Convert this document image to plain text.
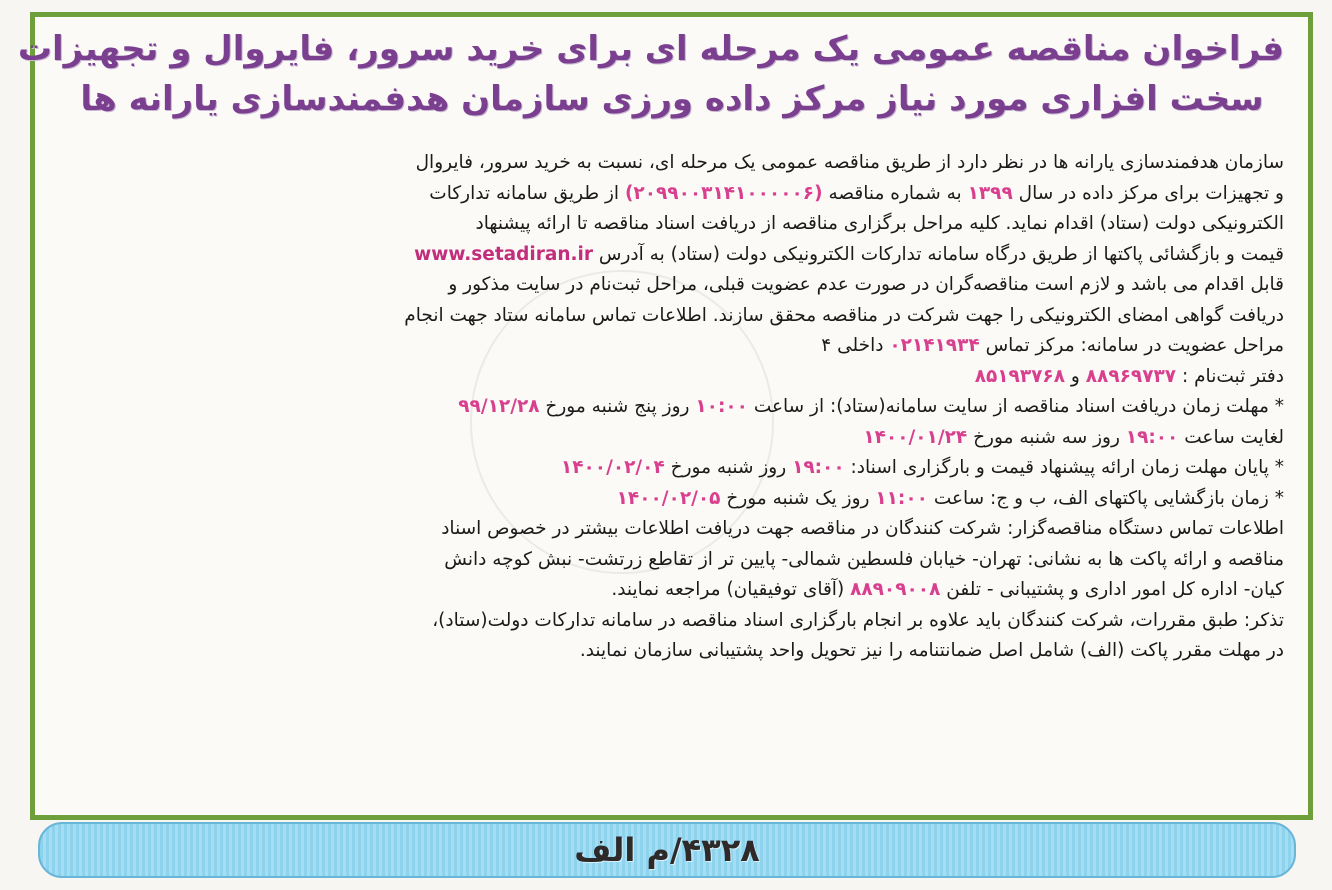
فراخوان مناقصه عمومی یک مرحله ای برای خرید سرور، فایروال و تجهیزات
سخت افزاری مورد نیاز مرکز داده ورزی سازمان هدفمندسازی یارانه ها

سازمان هدفمندسازی یارانه ها در نظر دارد از طریق مناقصه عمومی یک مرحله ای، نسبت به خرید سرور، فایروال

و تجهیزات برای مرکز داده در سال ۱۳۹۹ به شماره مناقصه (۲۰۹۹۰۰۳۱۴۱۰۰۰۰۰۶) از طریق سامانه تدارکات

الکترونیکی دولت (ستاد) اقدام نماید. کلیه مراحل برگزاری مناقصه از دریافت اسناد مناقصه تا ارائه پیشنهاد

قیمت و بازگشائی پاکتها از طریق درگاه سامانه تدارکات الکترونیکی دولت (ستاد) به آدرس www.setadiran.ir

قابل اقدام می باشد و لازم است مناقصه‌گران در صورت عدم عضویت قبلی، مراحل ثبت‌نام در سایت مذکور و

دریافت گواهی امضای الکترونیکی را جهت شرکت در مناقصه محقق سازند. اطلاعات تماس سامانه ستاد جهت انجام

مراحل عضویت در سامانه: مرکز تماس ۰۲۱۴۱۹۳۴ داخلی ۴

دفتر ثبت‌نام : ۸۸۹۶۹۷۳۷ و ۸۵۱۹۳۷۶۸

* مهلت زمان دریافت اسناد مناقصه از سایت سامانه(ستاد): از ساعت ۱۰:۰۰ روز پنج شنبه مورخ ۹۹/۱۲/۲۸

لغایت ساعت ۱۹:۰۰ روز سه شنبه مورخ ۱۴۰۰/۰۱/۲۴

* پایان مهلت زمان ارائه پیشنهاد قیمت و بارگزاری اسناد: ۱۹:۰۰ روز شنبه مورخ ۱۴۰۰/۰۲/۰۴

* زمان بازگشایی پاکتهای الف، ب و ج: ساعت ۱۱:۰۰ روز یک شنبه مورخ ۱۴۰۰/۰۲/۰۵

اطلاعات تماس دستگاه مناقصه‌گزار: شرکت کنندگان در مناقصه جهت دریافت اطلاعات بیشتر در خصوص اسناد

مناقصه و ارائه پاکت ها به نشانی: تهران- خیابان فلسطین شمالی- پایین تر از تقاطع زرتشت- نبش کوچه دانش

کیان- اداره کل امور اداری و پشتیبانی - تلفن ۸۸۹۰۹۰۰۸ (آقای توفیقیان) مراجعه نمایند.

تذکر: طبق مقررات، شرکت کنندگان باید علاوه بر انجام بارگزاری اسناد مناقصه در سامانه تدارکات دولت(ستاد)،

در مهلت مقرر پاکت (الف) شامل اصل ضمانتنامه را نیز تحویل واحد پشتیبانی سازمان نمایند.

۴۳۲۸/م الف
